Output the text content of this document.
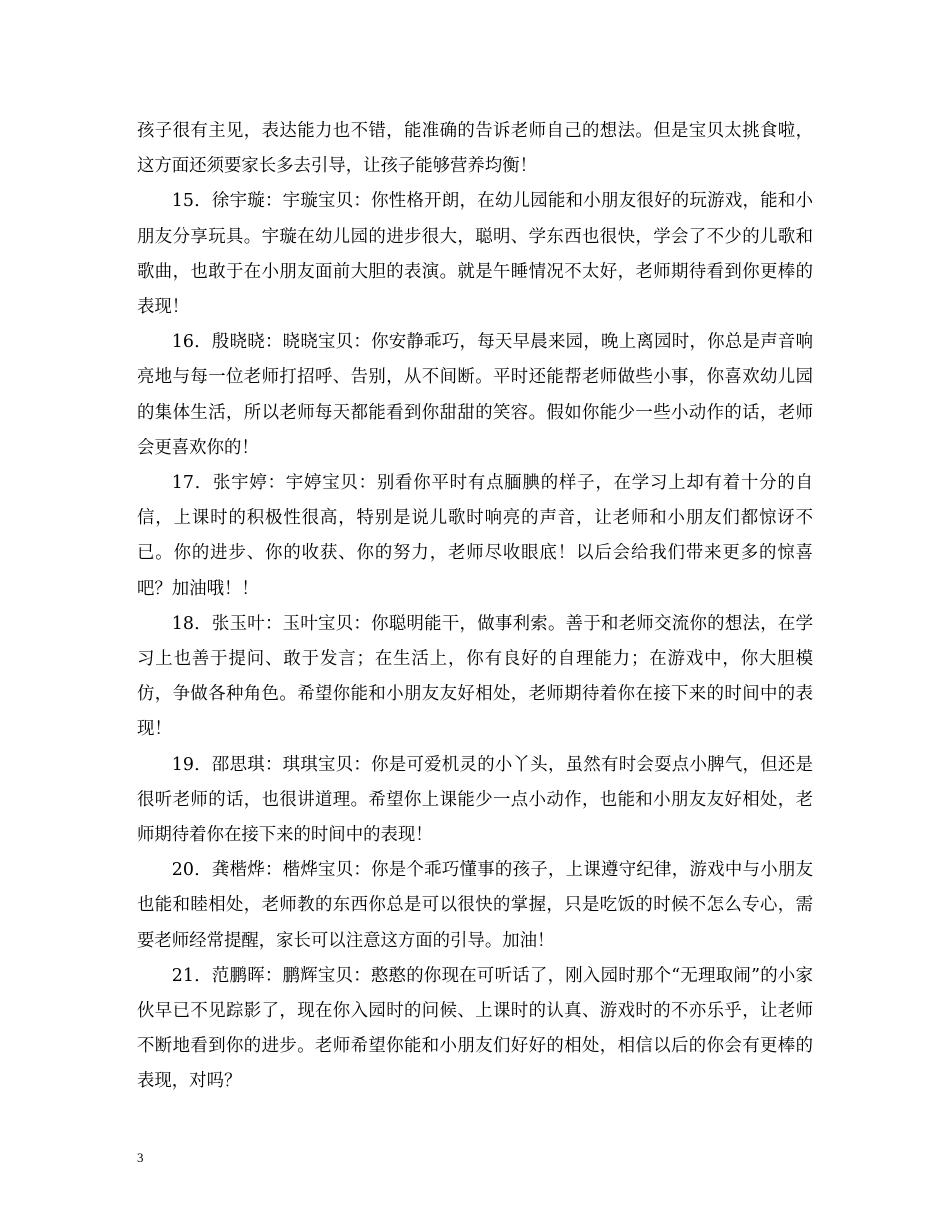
孩子很有主见，表达能力也不错，能准确的告诉老师自己的想法。但是宝贝太挑食啦，这方面还须要家长多去引导，让孩子能够营养均衡！

15．徐宇璇：宇璇宝贝：你性格开朗，在幼儿园能和小朋友很好的玩游戏，能和小朋友分享玩具。宇璇在幼儿园的进步很大，聪明、学东西也很快，学会了不少的儿歌和歌曲，也敢于在小朋友面前大胆的表演。就是午睡情况不太好，老师期待看到你更棒的表现！

16．殷晓晓：晓晓宝贝：你安静乖巧，每天早晨来园，晚上离园时，你总是声音响亮地与每一位老师打招呼、告别，从不间断。平时还能帮老师做些小事，你喜欢幼儿园的集体生活，所以老师每天都能看到你甜甜的笑容。假如你能少一些小动作的话，老师会更喜欢你的！

17．张宇婷：宇婷宝贝：别看你平时有点腼腆的样子，在学习上却有着十分的自信，上课时的积极性很高，特别是说儿歌时响亮的声音，让老师和小朋友们都惊讶不已。你的进步、你的收获、你的努力，老师尽收眼底！以后会给我们带来更多的惊喜吧？加油哦！！

18．张玉叶：玉叶宝贝：你聪明能干，做事利索。善于和老师交流你的想法，在学习上也善于提问、敢于发言；在生活上，你有良好的自理能力；在游戏中，你大胆模仿，争做各种角色。希望你能和小朋友友好相处，老师期待着你在接下来的时间中的表现！

19．邵思琪：琪琪宝贝：你是可爱机灵的小丫头，虽然有时会耍点小脾气，但还是很听老师的话，也很讲道理。希望你上课能少一点小动作，也能和小朋友友好相处，老师期待着你在接下来的时间中的表现！

20．龚楷烨：楷烨宝贝：你是个乖巧懂事的孩子，上课遵守纪律，游戏中与小朋友也能和睦相处，老师教的东西你总是可以很快的掌握，只是吃饭的时候不怎么专心，需要老师经常提醒，家长可以注意这方面的引导。加油！

21．范鹏晖：鹏辉宝贝：憨憨的你现在可听话了，刚入园时那个“无理取闹”的小家伙早已不见踪影了，现在你入园时的问候、上课时的认真、游戏时的不亦乐乎，让老师不断地看到你的进步。老师希望你能和小朋友们好好的相处，相信以后的你会有更棒的表现，对吗？

3
